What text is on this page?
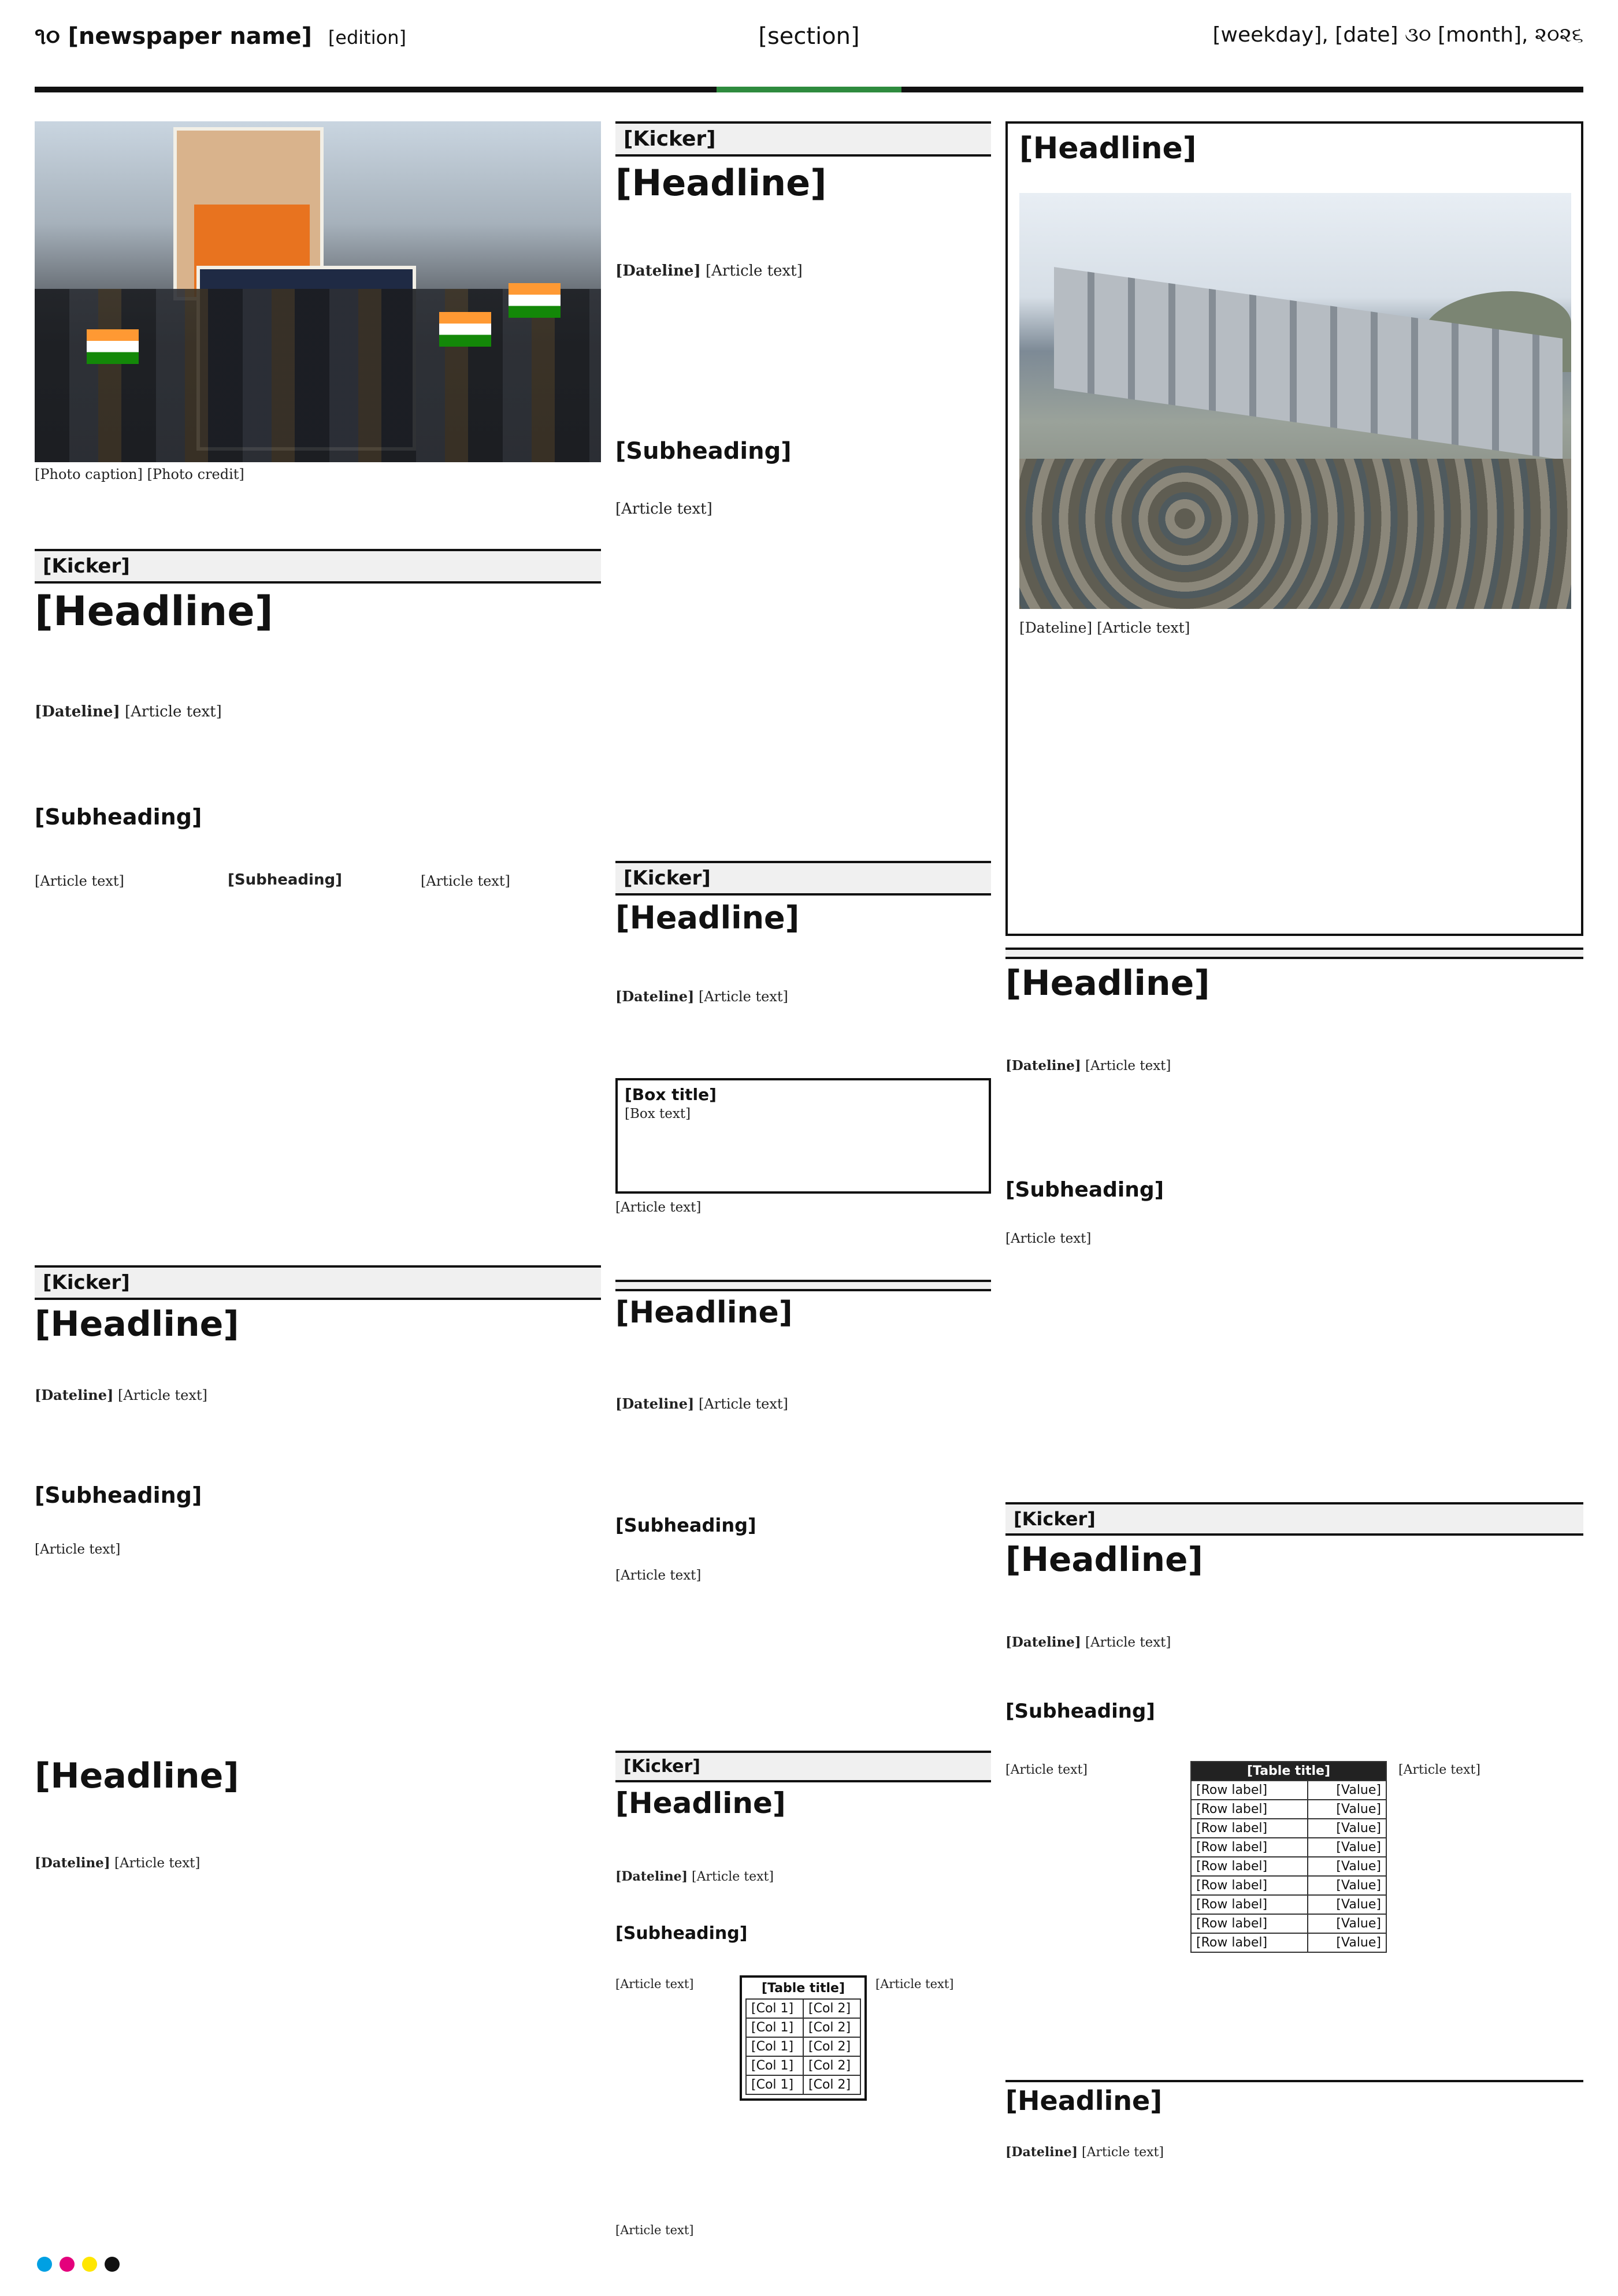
૧૦ [newspaper name] [edition]	[section]	[weekday], [date] ૩૦ [month], ૨૦૨૬
[Photo caption] [Photo credit]
[Kicker]
[Headline]
[Dateline] [Article text]
[Subheading]
[Article text]
[Headline]
[Dateline] [Article text]
[Kicker]
[Headline]
[Dateline] [Article text]
[Subheading]
[Article text]	[Subheading]	[Article text]	[Kicker]
[Headline]
[Dateline] [Article text]
[Box title]
[Box text]
[Article text]
[Headline]
[Dateline] [Article text]
[Subheading]
[Article text]
[Kicker]
[Headline]
[Dateline] [Article text]
[Subheading]
[Article text]
[Headline]
[Dateline] [Article text]
[Subheading]
[Article text]
[Kicker]
[Headline]
[Dateline] [Article text]
[Subheading]
[Article text]	[Table title]	
[Row label]	[Value]
[Row label]	[Value]
[Row label]	[Value]
[Row label]	[Value]
[Row label]	[Value]
[Row label]	[Value]
[Row label]	[Value]
[Row label]	[Value]
[Row label]	[Value]
[Article text]
[Headline]
[Dateline] [Article text]
[Kicker]
[Headline]
[Dateline] [Article text]
[Subheading]
[Article text]	[Table title]
[Col 1]	[Col 2]
[Col 1]	[Col 2]
[Col 1]	[Col 2]
[Col 1]	[Col 2]
[Col 1]	[Col 2]
[Article text]
[Article text]
[Headline]
[Dateline] [Article text]
